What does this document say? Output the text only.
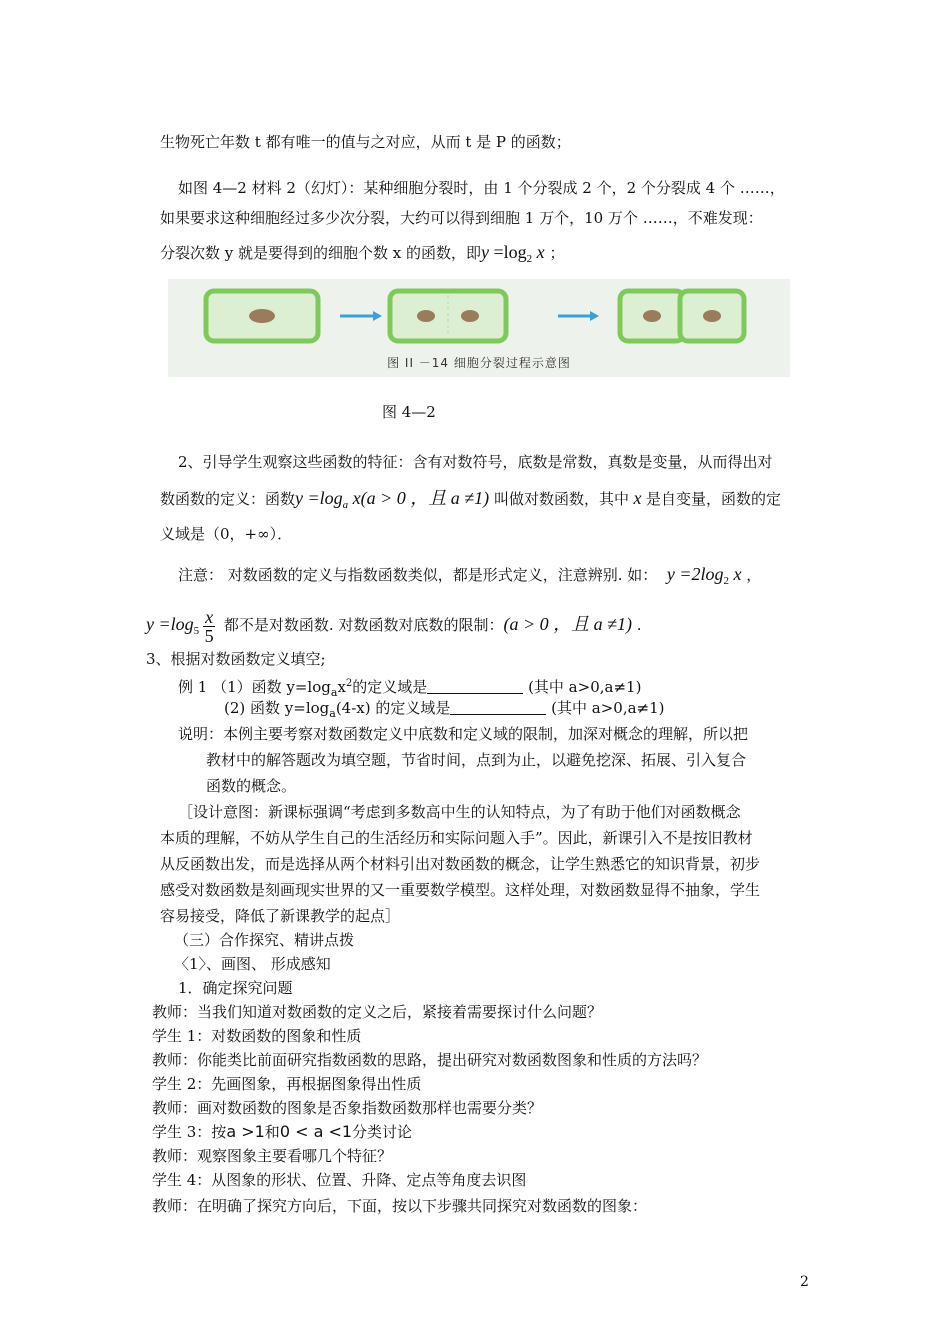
生物死亡年数 t 都有唯一的值与之对应，从而 t 是 P 的函数；
如图 4—2 材料 2（幻灯）：某种细胞分裂时，由 1 个分裂成 2 个，2 个分裂成 4 个 ……，
如果要求这种细胞经过多少次分裂，大约可以得到细胞 1 万个，10 万个 ……，不难发现：
分裂次数 y 就是要得到的细胞个数 x 的函数，即$y =\log_2$ x ；
图 II －14 细胞分裂过程示意图
图 4—2
2、引导学生观察这些函数的特征：含有对数符号，底数是常数，真数是变量，从而得出对
数函数的定义：函数$y =\log_a$ x(a > 0 ，且 a ≠1) 叫做对数函数，其中 x 是自变量，函数的定
义域是（0，+∞）．
注意： 对数函数的定义与指数函数类似，都是形式定义，注意辨别. 如： $y =2\log_2$ x ，
$y =\log_5 \frac{x}{5}$ 都不是对数函数. 对数函数对底数的限制：(a > 0 ，且 a ≠1) .
3、根据对数函数定义填空;
例 1 （1）函数 $y=\log_ax^2$的定义域是	(其中 a>0,a≠1)
(2) 函数 $y=\log_a(4-x)$ 的定义域是	(其中 a>0,a≠1)
说明：本例主要考察对数函数定义中底数和定义域的限制，加深对概念的理解，所以把
教材中的解答题改为填空题，节省时间，点到为止，以避免挖深、拓展、引入复合
函数的概念。
［设计意图：新课标强调“考虑到多数高中生的认知特点，为了有助于他们对函数概念
本质的理解，不妨从学生自己的生活经历和实际问题入手”。因此，新课引入不是按旧教材
从反函数出发，而是选择从两个材料引出对数函数的概念，让学生熟悉它的知识背景，初步
感受对数函数是刻画现实世界的又一重要数学模型。这样处理，对数函数显得不抽象，学生
容易接受，降低了新课教学的起点］
（三）合作探究、精讲点拨
〈1〉、画图、 形成感知
1．确定探究问题
教师：当我们知道对数函数的定义之后，紧接着需要探讨什么问题？
学生 1：对数函数的图象和性质
教师：你能类比前面研究指数函数的思路，提出研究对数函数图象和性质的方法吗？
学生 2：先画图象，再根据图象得出性质
教师：画对数函数的图象是否象指数函数那样也需要分类？
学生 3：按a >1和0 < a <1分类讨论
教师：观察图象主要看哪几个特征？
学生 4：从图象的形状、位置、升降、定点等角度去识图
教师：在明确了探究方向后，下面，按以下步骤共同探究对数函数的图象：
2
